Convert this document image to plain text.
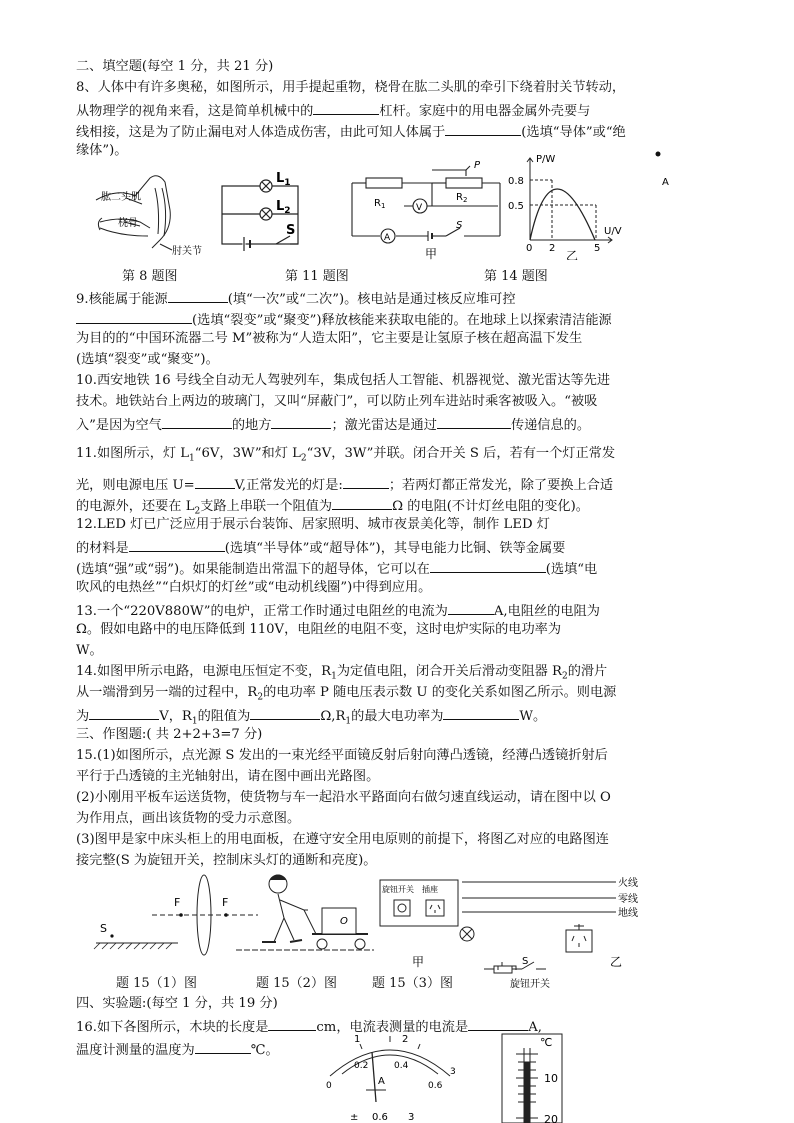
二、填空题(每空 1 分，共 21 分)
8、人体中有许多奥秘，如图所示，用手提起重物，桡骨在肱二头肌的牵引下绕着肘关节转动，
从物理学的视角来看，这是简单机械中的	杠杆。家庭中的用电器金属外壳要与
线相接，这是为了防止漏电对人体造成伤害，由此可知人体属于	(选填“导体”或“绝
缘体”)。
肱二头肌
桡骨
肘关节
$L_1$
$L_2$
S
P
$R_1$
$R_2$
V
A
S
甲
P/W
0.8
0.5
U/V
0 2	5
乙
A
第 8 题图	第 11 题图	第 14 题图
9.核能属于能源	(填“一次”或“二次”)。核电站是通过核反应堆可控
(选填“裂变”或“聚变”)释放核能来获取电能的。在地球上以探索清洁能源
为目的的“中国环流器二号 M”被称为“人造太阳”，它主要是让氢原子核在超高温下发生
(选填“裂变”或“聚变”)。
10.西安地铁 16 号线全自动无人驾驶列车，集成包括人工智能、机器视觉、激光雷达等先进
技术。地铁站台上两边的玻璃门，又叫“屏蔽门”，可以防止列车进站时乘客被吸入。“被吸
入”是因为空气	的地方	；激光雷达是通过	传递信息的。
11.如图所示，灯 $L_1“6V$，3W”和灯 $L_2“3V$，3W”并联。闭合开关 S 后，若有一个灯正常发
光，则电源电压 U=	V,正常发光的灯是:	；若两灯都正常发光，除了要换上合适
的电源外，还要在 $L_2$支路上串联一个阻值为	Ω 的电阻(不计灯丝电阻的变化)。
12.LED 灯已广泛应用于展示台装饰、居家照明、城市夜景美化等，制作 LED 灯
的材料是	(选填“半导体”或“超导体”)，其导电能力比铜、铁等金属要
(选填“强”或“弱”)。如果能制造出常温下的超导体，它可以在	(选填“电
吹风的电热丝”“白炽灯的灯丝”或“电动机线圈”)中得到应用。
13.一个“220V880W”的电炉，正常工作时通过电阻丝的电流为	A,电阻丝的电阻为
Ω。假如电路中的电压降低到 110V，电阻丝的电阻不变，这时电炉实际的电功率为
W。
14.如图甲所示电路，电源电压恒定不变，$R_1$为定值电阻，闭合开关后滑动变阻器 $R_2$的滑片
从一端滑到另一端的过程中，$R_2$的电功率 P 随电压表示数 U 的变化关系如图乙所示。则电源
为	V，$R_1$的阻值为	$\Omega,R_1$的最大电功率为	W。
三、作图题:( 共 2+2+3=7 分)
15.(1)如图所示，点光源 S 发出的一束光经平面镜反射后射向薄凸透镜，经薄凸透镜折射后
平行于凸透镜的主光轴射出，请在图中画出光路图。
(2)小刚用平板车运送货物，使货物与车一起沿水平路面向右做匀速直线运动，请在图中以 O
为作用点，画出该货物的受力示意图。
(3)图甲是家中床头柜上的用电面板，在遵守安全用电原则的前提下，将图乙对应的电路图连
接完整(S 为旋钮开关，控制床头灯的通断和亮度)。
F	F
S
O
旋钮开关 插座
甲
火线
零线
地线
S	乙
题 15（1）图	题 15（2）图	题 15（3）图	旋钮开关
四、实验题:(每空 1 分，共 19 分)
16.如下各图所示，木块的长度是	cm，电流表测量的电流是	A,
温度计测量的温度为	℃。
1	2
0.2	0.4
0	0.6
3
A
± 0.6 3
℃
10
20
